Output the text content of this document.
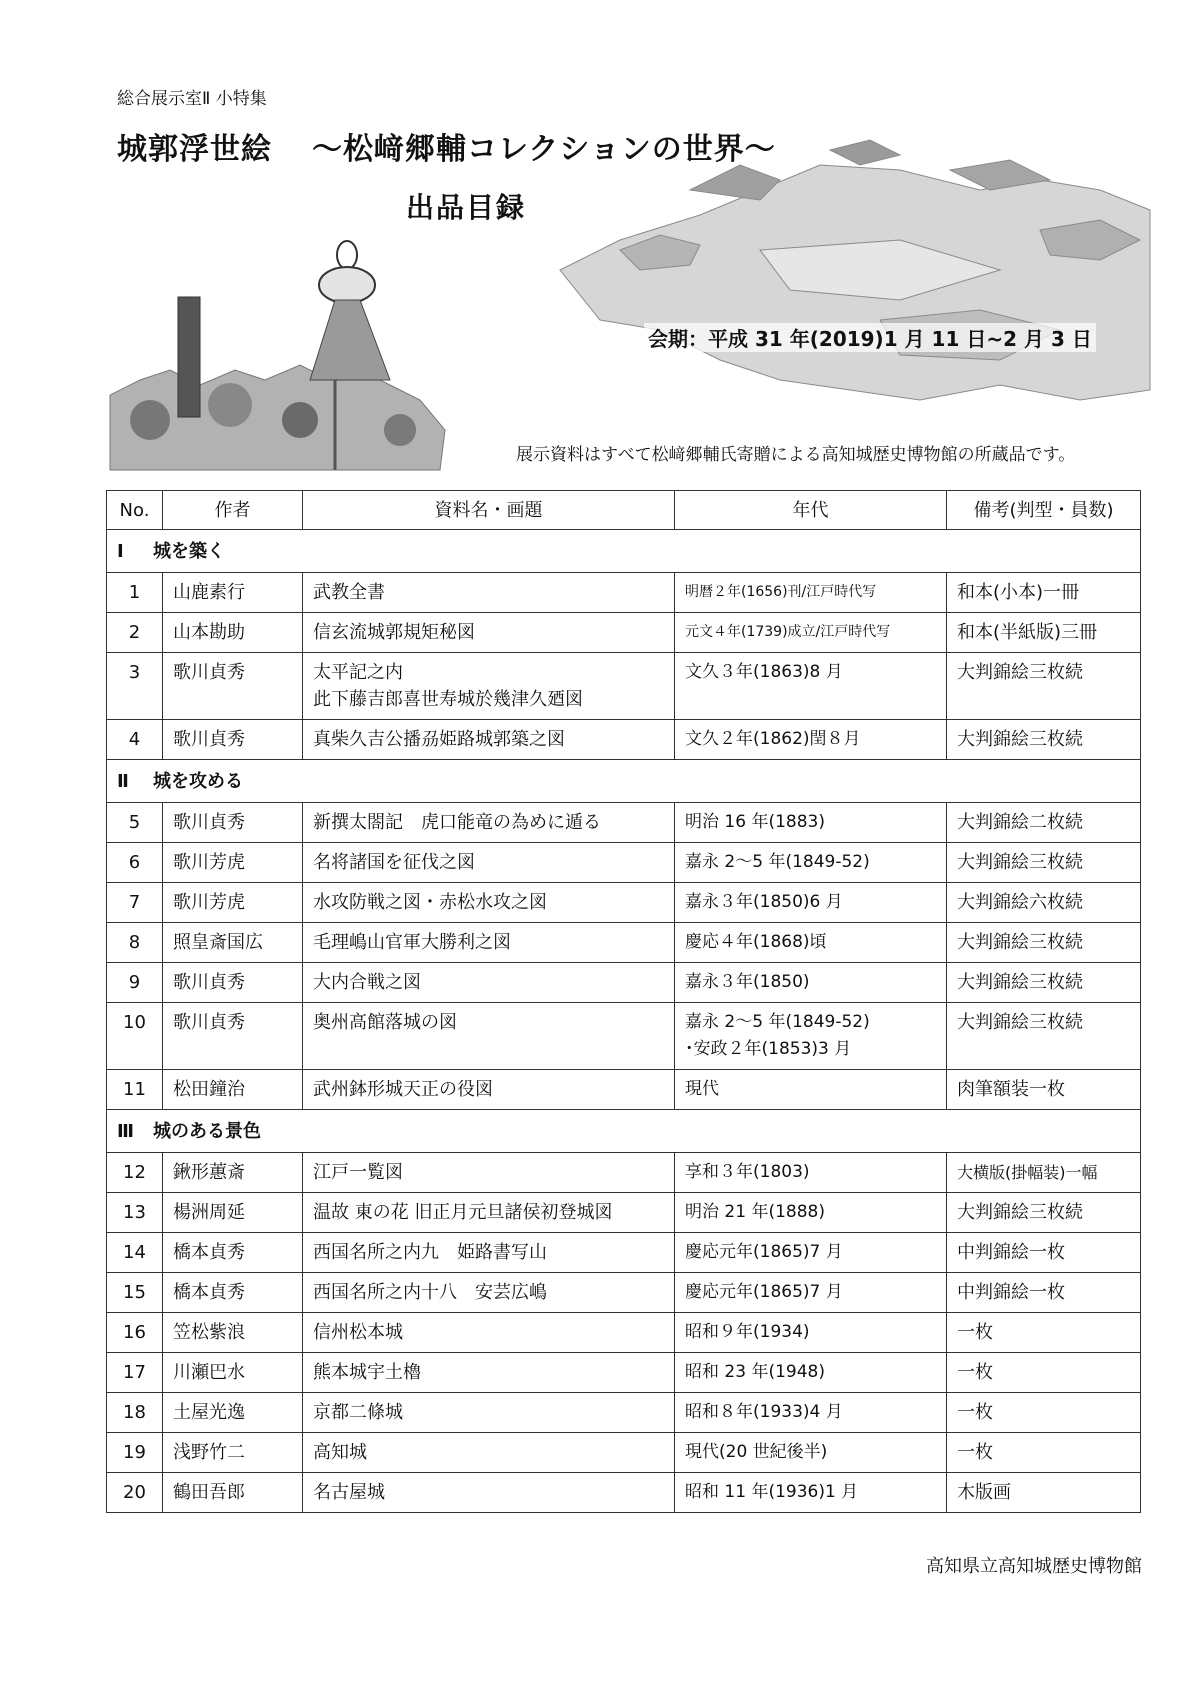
総合展示室Ⅱ 小特集
城郭浮世絵 ～松﨑郷輔コレクションの世界～
出品目録
会期：平成 31 年(2019)1 月 11 日~2 月 3 日
展示資料はすべて松﨑郷輔氏寄贈による高知城歴史博物館の所蔵品です。
No.	作者	資料名・画題	年代	備考(判型・員数)
Ⅰ 城を築く				
1	山鹿素行	武教全書	明暦２年(1656)刊/江戸時代写	和本(小本)一冊
2	山本勘助	信玄流城郭規矩秘図	元文４年(1739)成立/江戸時代写	和本(半紙版)三冊
3	歌川貞秀	太平記之内
此下藤吉郎喜世寿城於幾津久廼図	文久３年(1863)8 月	大判錦絵三枚続
4	歌川貞秀	真柴久吉公播刕姫路城郭築之図	文久２年(1862)閏８月	大判錦絵三枚続
Ⅱ 城を攻める				
5	歌川貞秀	新撰太閤記　虎口能竜の為めに遁る	明治 16 年(1883)	大判錦絵二枚続
6	歌川芳虎	名将諸国を征伐之図	嘉永 2～5 年(1849-52)	大判錦絵三枚続
7	歌川芳虎	水攻防戦之図・赤松水攻之図	嘉永３年(1850)6 月	大判錦絵六枚続
8	照皇斎国広	毛理嶋山官軍大勝利之図	慶応４年(1868)頃	大判錦絵三枚続
9	歌川貞秀	大内合戦之図	嘉永３年(1850)	大判錦絵三枚続
10	歌川貞秀	奥州高館落城の図	嘉永 2～5 年(1849-52)
･安政２年(1853)3 月	大判錦絵三枚続
11	松田鐘治	武州鉢形城天正の役図	現代	肉筆額装一枚
Ⅲ 城のある景色				
12	鍬形蕙斎	江戸一覧図	享和３年(1803)	大横版(掛幅装)一幅
13	楊洲周延	温故 東の花 旧正月元旦諸侯初登城図	明治 21 年(1888)	大判錦絵三枚続
14	橋本貞秀	西国名所之内九　姫路書写山	慶応元年(1865)7 月	中判錦絵一枚
15	橋本貞秀	西国名所之内十八　安芸広嶋	慶応元年(1865)7 月	中判錦絵一枚
16	笠松紫浪	信州松本城	昭和９年(1934)	一枚
17	川瀬巴水	熊本城宇土櫓	昭和 23 年(1948)	一枚
18	土屋光逸	京都二條城	昭和８年(1933)4 月	一枚
19	浅野竹二	高知城	現代(20 世紀後半)	一枚
20	鶴田吾郎	名古屋城	昭和 11 年(1936)1 月	木版画
高知県立高知城歴史博物館
